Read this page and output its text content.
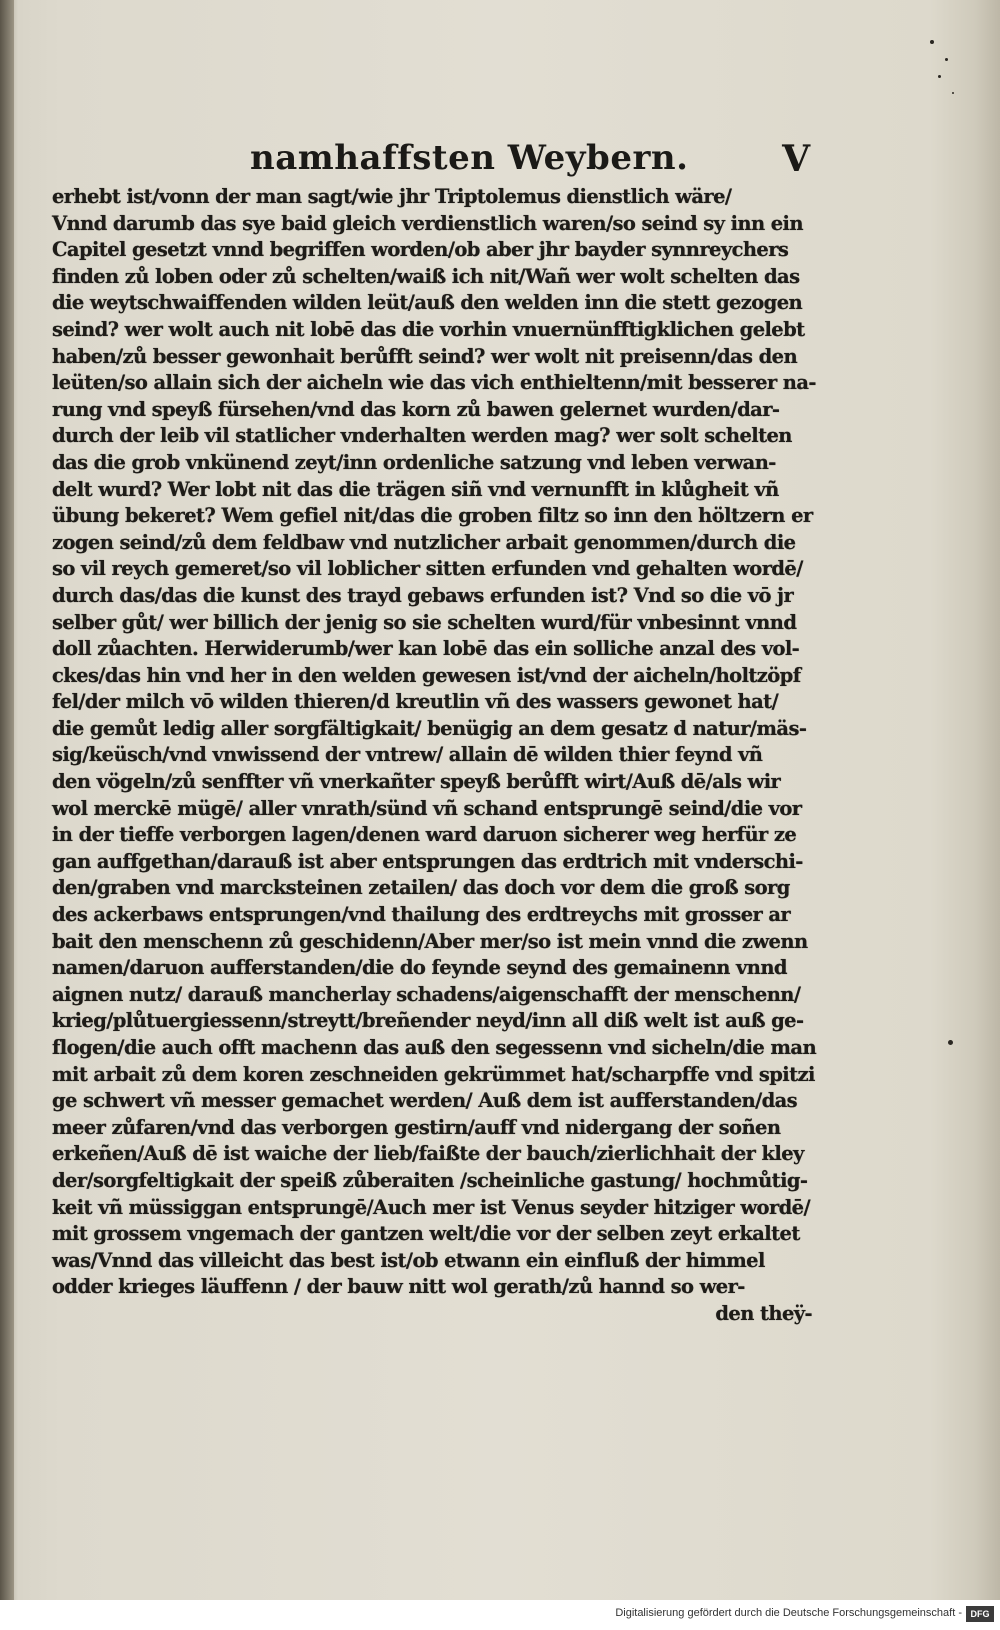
namhaffsten Weybern.	V
erhebt ist/vonn der man sagt/wie jhr Triptolemus dienstlich wäre/
Vnnd darumb das sye baid gleich verdienstlich waren/so seind sy inn ein
Capitel gesetzt vnnd begriffen worden/ob aber jhr bayder synnreychers
finden zů loben oder zů schelten/waiß ich nit/Wañ wer wolt schelten das
die weytschwaiffenden wilden leüt/auß den welden inn die stett gezogen
seind? wer wolt auch nit lobē das die vorhin vnuernünfftigklichen gelebt
haben/zů besser gewonhait berůfft seind? wer wolt nit preisenn/das den
leüten/so allain sich der aicheln wie das vich enthieltenn/mit besserer na-
rung vnd speyß fürsehen/vnd das korn zů bawen gelernet wurden/dar-
durch der leib vil statlicher vnderhalten werden mag? wer solt schelten
das die grob vnkünend zeyt/inn ordenliche satzung vnd leben verwan-
delt wurd? Wer lobt nit das die trägen siñ vnd vernunfft in klůgheit vñ
übung bekeret? Wem gefiel nit/das die groben filtz so inn den höltzern er
zogen seind/zů dem feldbaw vnd nutzlicher arbait genommen/durch die
so vil reych gemeret/so vil loblicher sitten erfunden vnd gehalten wordē/
durch das/das die kunst des trayd gebaws erfunden ist? Vnd so die vō jr
selber gůt/ wer billich der jenig so sie schelten wurd/für vnbesinnt vnnd
doll zůachten. Herwiderumb/wer kan lobē das ein solliche anzal des vol-
ckes/das hin vnd her in den welden gewesen ist/vnd der aicheln/holtzöpf
fel/der milch vō wilden thieren/d kreutlin vñ des wassers gewonet hat/
die gemůt ledig aller sorgfältigkait/ benügig an dem gesatz d natur/mäs-
sig/keüsch/vnd vnwissend der vntrew/ allain dē wilden thier feynd vñ
den vögeln/zů senffter vñ vnerkañter speyß berůfft wirt/Auß dē/als wir
wol merckē mügē/ aller vnrath/sünd vñ schand entsprungē seind/die vor
in der tieffe verborgen lagen/denen ward daruon sicherer weg herfür ze
gan auffgethan/darauß ist aber entsprungen das erdtrich mit vnderschi-
den/graben vnd marcksteinen zetailen/ das doch vor dem die groß sorg
des ackerbaws entsprungen/vnd thailung des erdtreychs mit grosser ar
bait den menschenn zů geschidenn/Aber mer/so ist mein vnnd die zwenn
namen/daruon aufferstanden/die do feynde seynd des gemainenn vnnd
aignen nutz/ darauß mancherlay schadens/aigenschafft der menschenn/
krieg/plůtuergiessenn/streytt/breñender neyd/inn all diß welt ist auß ge-
flogen/die auch offt machenn das auß den segessenn vnd sicheln/die man
mit arbait zů dem koren zeschneiden gekrümmet hat/scharpffe vnd spitzi
ge schwert vñ messer gemachet werden/ Auß dem ist aufferstanden/das
meer zůfaren/vnd das verborgen gestirn/auff vnd nidergang der soñen
erkeñen/Auß dē ist waiche der lieb/faißte der bauch/zierlichhait der kley
der/sorgfeltigkait der speiß zůberaiten /scheinliche gastung/ hochmůtig-
keit vñ müssiggan entsprungē/Auch mer ist Venus seyder hitziger wordē/
mit grossem vngemach der gantzen welt/die vor der selben zeyt erkaltet
was/Vnnd das villeicht das best ist/ob etwann ein einfluß der himmel
odder krieges läuffenn / der bauw nitt wol gerath/zů hannd so wer-
den theÿ-
Digitalisierung gefördert durch die Deutsche Forschungsgemeinschaft - DFG
